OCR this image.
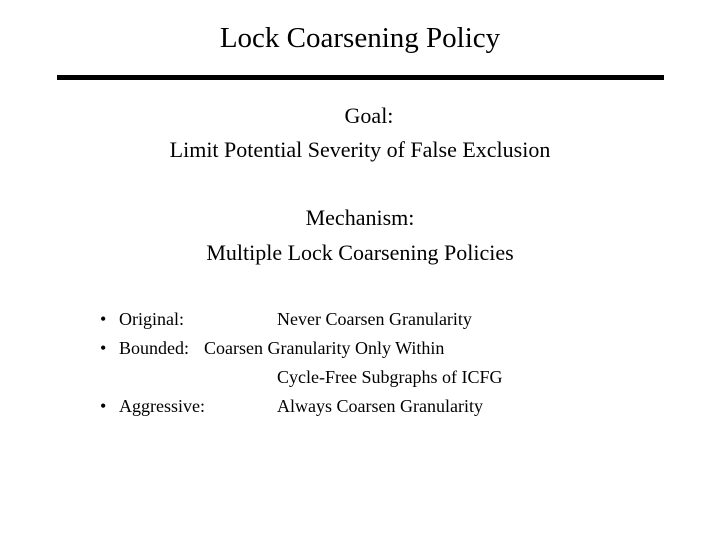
Lock Coarsening Policy
Goal:
Limit Potential Severity of False Exclusion
Mechanism:
Multiple Lock Coarsening Policies
• Original:	Never Coarsen Granularity
• Bounded: Coarsen Granularity Only Within
Cycle-Free Subgraphs of ICFG
• Aggressive:	Always Coarsen Granularity
